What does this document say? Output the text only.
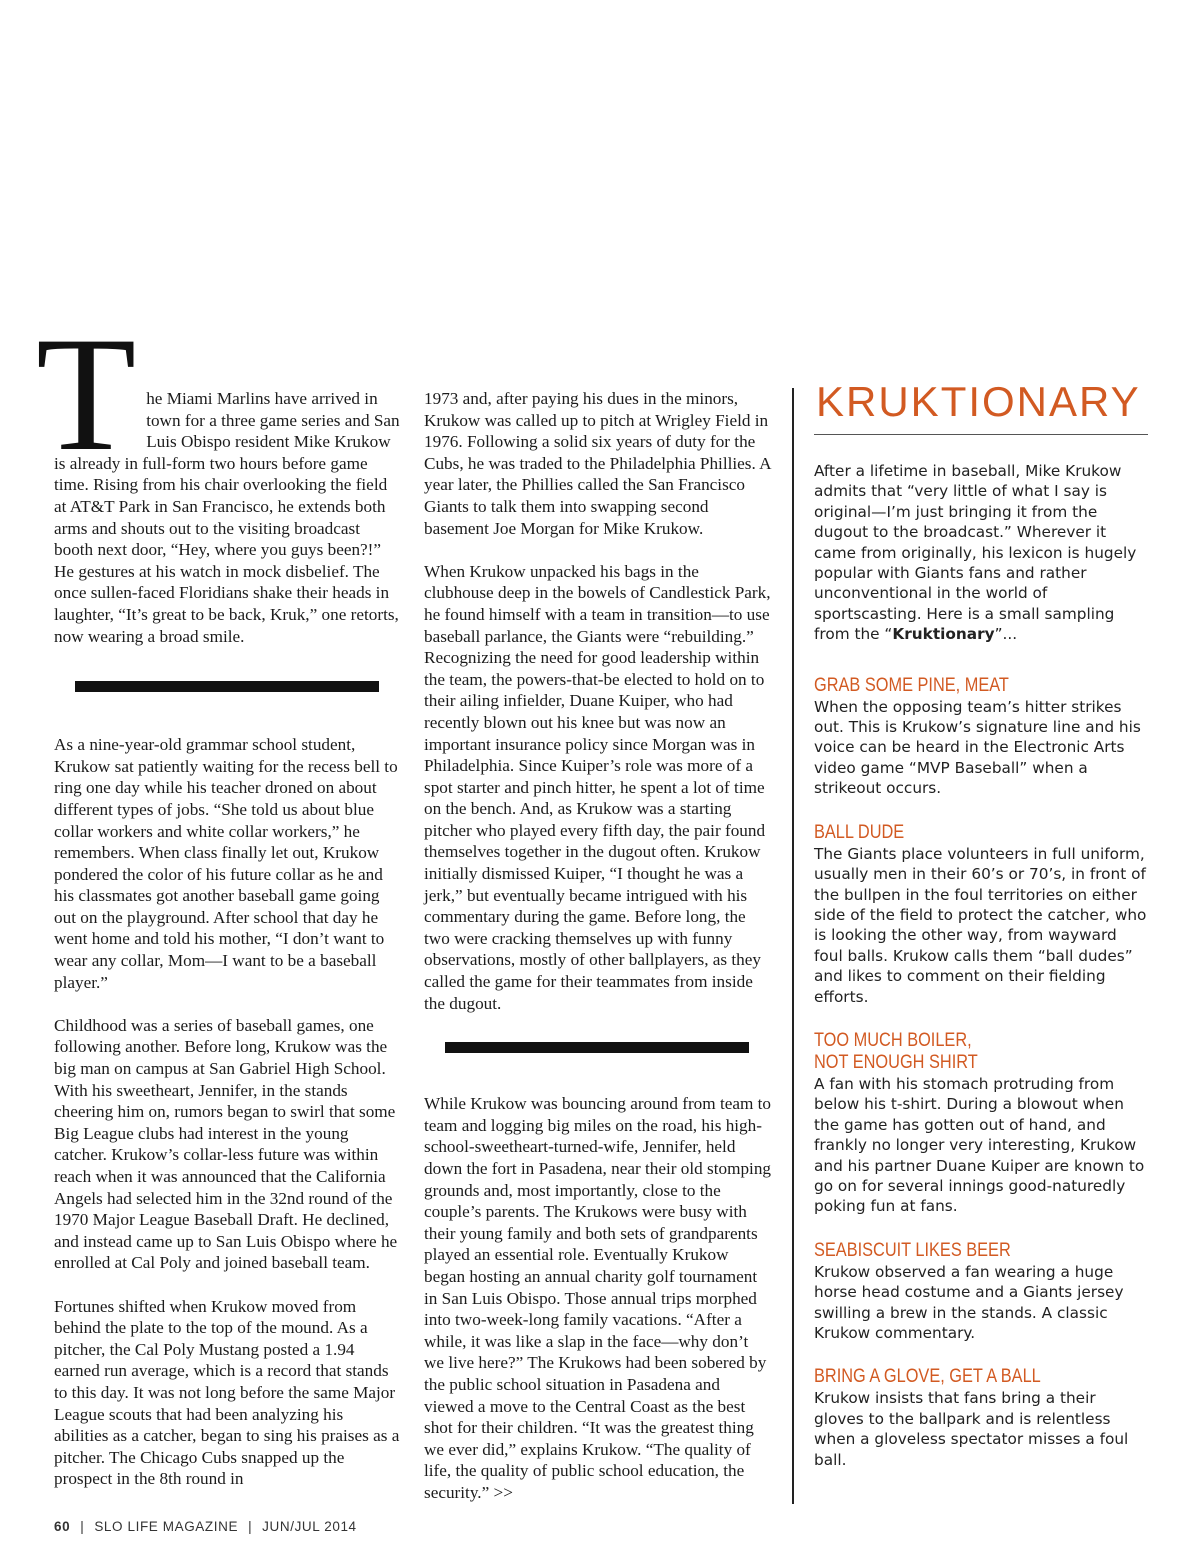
T he Miami Marlins have arrived in town for a three game series and San Luis Obispo resident Mike Krukow is already in full-form two hours before game time. Rising from his chair overlooking the field at AT&T Park in San Francisco, he extends both arms and shouts out to the visiting broadcast booth next door, “Hey, where you guys been?!” He gestures at his watch in mock disbelief. The once sullen-faced Floridians shake their heads in laughter, “It’s great to be back, Kruk,” one retorts, now wearing a broad smile.

As a nine-year-old grammar school student, Krukow sat patiently waiting for the recess bell to ring one day while his teacher droned on about different types of jobs. “She told us about blue collar workers and white collar workers,” he remembers. When class finally let out, Krukow pondered the color of his future collar as he and his classmates got another baseball game going out on the playground. After school that day he went home and told his mother, “I don’t want to wear any collar, Mom—I want to be a baseball player.”

Childhood was a series of baseball games, one following another. Before long, Krukow was the big man on campus at San Gabriel High School. With his sweetheart, Jennifer, in the stands cheering him on, rumors began to swirl that some Big League clubs had interest in the young catcher. Krukow’s collar-less future was within reach when it was announced that the California Angels had selected him in the 32nd round of the 1970 Major League Baseball Draft. He declined, and instead came up to San Luis Obispo where he enrolled at Cal Poly and joined baseball team.

Fortunes shifted when Krukow moved from behind the plate to the top of the mound. As a pitcher, the Cal Poly Mustang posted a 1.94 earned run average, which is a record that stands to this day. It was not long before the same Major League scouts that had been analyzing his abilities as a catcher, began to sing his praises as a pitcher. The Chicago Cubs snapped up the prospect in the 8th round in

1973 and, after paying his dues in the minors, Krukow was called up to pitch at Wrigley Field in 1976. Following a solid six years of duty for the Cubs, he was traded to the Philadelphia Phillies. A year later, the Phillies called the San Francisco Giants to talk them into swapping second basement Joe Morgan for Mike Krukow.

When Krukow unpacked his bags in the clubhouse deep in the bowels of Candlestick Park, he found himself with a team in transition—to use baseball parlance, the Giants were “rebuilding.” Recognizing the need for good leadership within the team, the powers-that-be elected to hold on to their ailing infielder, Duane Kuiper, who had recently blown out his knee but was now an important insurance policy since Morgan was in Philadelphia. Since Kuiper’s role was more of a spot starter and pinch hitter, he spent a lot of time on the bench. And, as Krukow was a starting pitcher who played every fifth day, the pair found themselves together in the dugout often. Krukow initially dismissed Kuiper, “I thought he was a jerk,” but eventually became intrigued with his commentary during the game. Before long, the two were cracking themselves up with funny observations, mostly of other ballplayers, as they called the game for their teammates from inside the dugout.

While Krukow was bouncing around from team to team and logging big miles on the road, his high-school-sweetheart-turned-wife, Jennifer, held down the fort in Pasadena, near their old stomping grounds and, most importantly, close to the couple’s parents. The Krukows were busy with their young family and both sets of grandparents played an essential role. Eventually Krukow began hosting an annual charity golf tournament in San Luis Obispo. Those annual trips morphed into two-week-long family vacations. “After a while, it was like a slap in the face—why don’t we live here?” The Krukows had been sobered by the public school situation in Pasadena and viewed a move to the Central Coast as the best shot for their children. “It was the greatest thing we ever did,” explains Krukow. “The quality of life, the quality of public school education, the security.” >>

KRUKTIONARY
After a lifetime in baseball, Mike Krukow admits that “very little of what I say is original—I’m just bringing it from the dugout to the broadcast.” Wherever it came from originally, his lexicon is hugely popular with Giants fans and rather unconventional in the world of sportscasting. Here is a small sampling from the “Kruktionary”...
GRAB SOME PINE, MEAT
When the opposing team’s hitter strikes out. This is Krukow’s signature line and his voice can be heard in the Electronic Arts video game “MVP Baseball” when a strikeout occurs.
BALL DUDE
The Giants place volunteers in full uniform, usually men in their 60’s or 70’s, in front of the bullpen in the foul territories on either side of the field to protect the catcher, who is looking the other way, from wayward foul balls. Krukow calls them “ball dudes” and likes to comment on their fielding efforts.
TOO MUCH BOILER,
NOT ENOUGH SHIRT
A fan with his stomach protruding from below his t-shirt. During a blowout when the game has gotten out of hand, and frankly no longer very interesting, Krukow and his partner Duane Kuiper are known to go on for several innings good-naturedly poking fun at fans.
SEABISCUIT LIKES BEER
Krukow observed a fan wearing a huge horse head costume and a Giants jersey swilling a brew in the stands. A classic Krukow commentary.
BRING A GLOVE, GET A BALL
Krukow insists that fans bring a their gloves to the ballpark and is relentless when a gloveless spectator misses a foul ball.
60 | SLO LIFE MAGAZINE | JUN/JUL 2014
